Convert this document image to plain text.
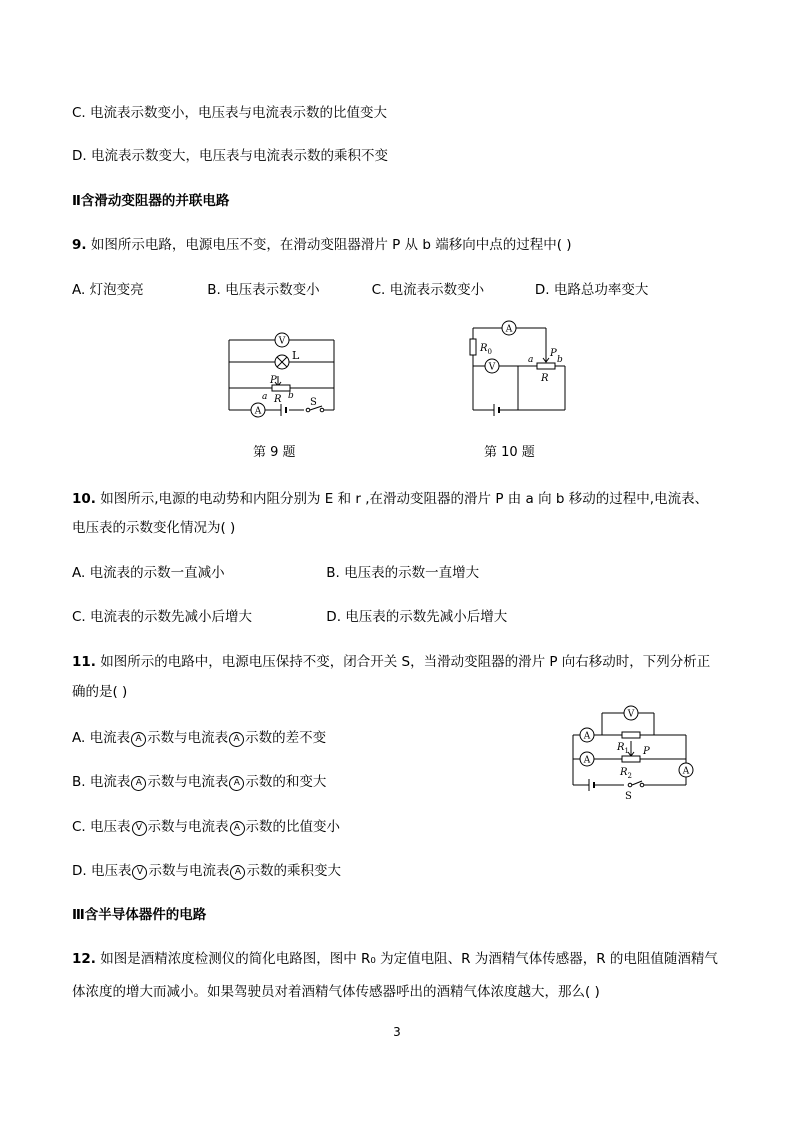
C. 电流表示数变小，电压表与电流表示数的比值变大
D. 电流表示数变大，电压表与电流表示数的乘积不变
Ⅱ含滑动变阻器的并联电路
9. 如图所示电路，电源电压不变，在滑动变阻器滑片 P 从 b 端移向中点的过程中( )
A. 灯泡变亮	B. 电压表示数变小	C. 电流表示数变小	D. 电路总功率变大
V
L
P
a b
R
A
S
第 9 题
A
$R_0$
V
a
P
b
R
第 10 题
10. 如图所示,电源的电动势和内阻分别为 E 和 r ,在滑动变阻器的滑片 P 由 a 向 b 移动的过程中,电流表、
电压表的示数变化情况为( )
A. 电流表的示数一直减小	B. 电压表的示数一直增大
C. 电流表的示数先减小后增大	D. 电压表的示数先减小后增大
11. 如图所示的电路中，电源电压保持不变，闭合开关 S，当滑动变阻器的滑片 P 向右移动时，下列分析正
确的是( )
A. 电流表 A 示数与电流表 A 示数的差不变
B. 电流表 A 示数与电流表 A 示数的和变大
C. 电压表 V 示数与电流表 A 示数的比值变小
D. 电压表 V 示数与电流表 A 示数的乘积变大
V
A
A
A
$R_1$ P
$R_2$
S
Ⅲ含半导体器件的电路
12. 如图是酒精浓度检测仪的简化电路图，图中 R₀ 为定值电阻、R 为酒精气体传感器，R 的电阻值随酒精气
体浓度的增大而减小。如果驾驶员对着酒精气体传感器呼出的酒精气体浓度越大，那么( )
3
